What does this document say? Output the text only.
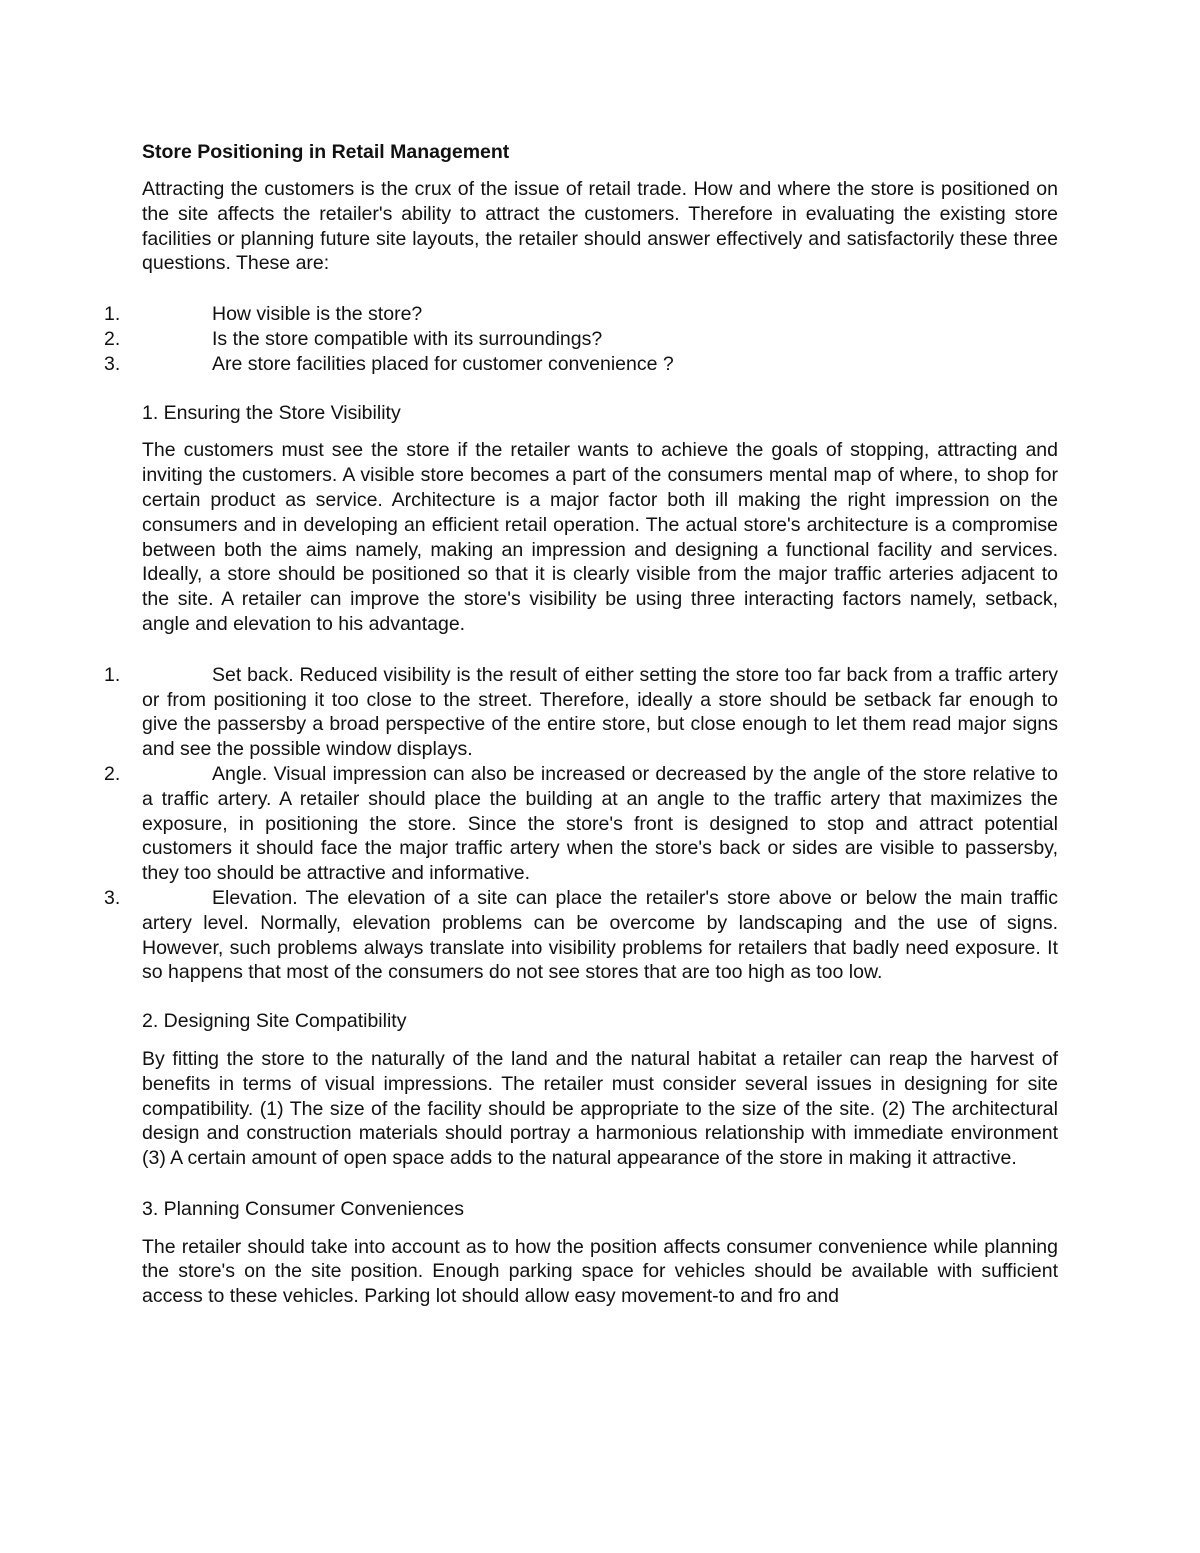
Store Positioning in Retail Management

Attracting the customers is the crux of the issue of retail trade. How and where the store is positioned on the site affects the retailer's ability to attract the customers. Therefore in evaluating the existing store facilities or planning future site layouts, the retailer should answer effectively and satisfactorily these three questions. These are:

1.	How visible is the store?
2.	Is the store compatible with its surroundings?
3.	Are store facilities placed for customer convenience ?
1. Ensuring the Store Visibility

The customers must see the store if the retailer wants to achieve the goals of stopping, attracting and inviting the customers. A visible store becomes a part of the consumers mental map of where, to shop for certain product as service. Architecture is a major factor both ill making the right impression on the consumers and in developing an efficient retail operation. The actual store's architecture is a compromise between both the aims namely, making an impression and designing a functional facility and services. Ideally, a store should be positioned so that it is clearly visible from the major traffic arteries adjacent to the site. A retailer can improve the store's visibility be using three interacting factors namely, setback, angle and elevation to his advantage.

1.	Set back. Reduced visibility is the result of either setting the store too far back from a traffic artery or from positioning it too close to the street. Therefore, ideally a store should be setback far enough to give the passersby a broad perspective of the entire store, but close enough to let them read major signs and see the possible window displays.
2.	Angle. Visual impression can also be increased or decreased by the angle of the store relative to a traffic artery. A retailer should place the building at an angle to the traffic artery that maximizes the exposure, in positioning the store. Since the store's front is designed to stop and attract potential customers it should face the major traffic artery when the store's back or sides are visible to passersby, they too should be attractive and informative.
3.	Elevation. The elevation of a site can place the retailer's store above or below the main traffic artery level. Normally, elevation problems can be overcome by landscaping and the use of signs. However, such problems always translate into visibility problems for retailers that badly need exposure. It so happens that most of the consumers do not see stores that are too high as too low.
2. Designing Site Compatibility

By fitting the store to the naturally of the land and the natural habitat a retailer can reap the harvest of benefits in terms of visual impressions. The retailer must consider several issues in designing for site compatibility. (1) The size of the facility should be appropriate to the size of the site. (2) The architectural design and construction materials should portray a harmonious relationship with immediate environment (3) A certain amount of open space adds to the natural appearance of the store in making it attractive.

3. Planning Consumer Conveniences

The retailer should take into account as to how the position affects consumer convenience while planning the store's on the site position. Enough parking space for vehicles should be available with sufficient access to these vehicles. Parking lot should allow easy movement-to and fro and
